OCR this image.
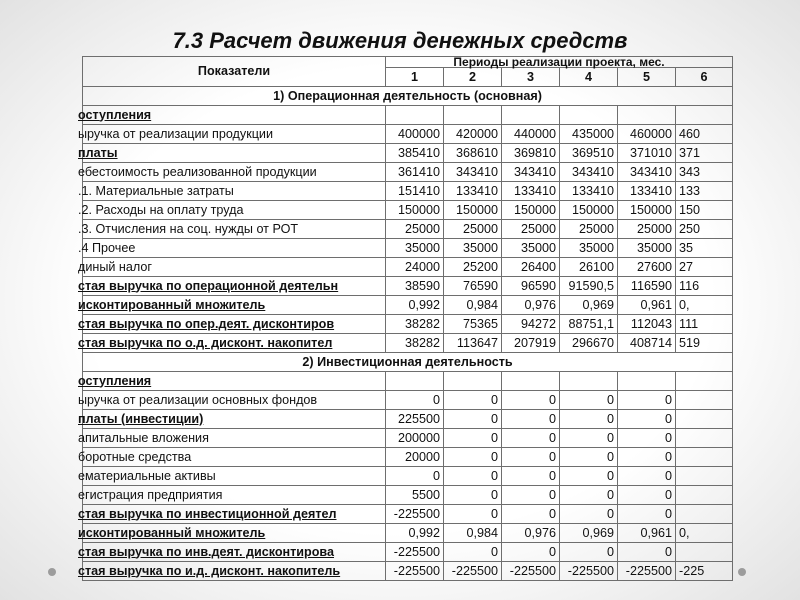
7.3 Расчет движения денежных средств
Показатели	Периоды реализации проекта, мес.					
	1	2	3	4	5	6
1) Операционная деятельность (основная)						
оступления						
ыручка от реализации продукции	400000	420000	440000	435000	460000	460
платы	385410	368610	369810	369510	371010	371
ебестоимость реализованной продукции	361410	343410	343410	343410	343410	343
.1. Материальные затраты	151410	133410	133410	133410	133410	133
.2. Расходы на оплату труда	150000	150000	150000	150000	150000	150
.3. Отчисления на соц. нужды от РОТ	25000	25000	25000	25000	25000	250
.4 Прочее	35000	35000	35000	35000	35000	35
диный налог	24000	25200	26400	26100	27600	27
стая выручка по операционной деятельн	38590	76590	96590	91590,5	116590	116
исконтированный множитель	0,992	0,984	0,976	0,969	0,961	0,
стая выручка по опер.деят. дисконтиров	38282	75365	94272	88751,1	112043	111
стая выручка по о.д. дисконт. накопител	38282	113647	207919	296670	408714	519
2) Инвестиционная деятельность						
оступления						
ыручка от реализации основных фондов	0	0	0	0	0	
платы (инвестиции)	225500	0	0	0	0	
апитальные вложения	200000	0	0	0	0	
боротные средства	20000	0	0	0	0	
ематериальные активы	0	0	0	0	0	
егистрация предприятия	5500	0	0	0	0	
стая выручка по инвестиционной деятел	-225500	0	0	0	0	
исконтированный множитель	0,992	0,984	0,976	0,969	0,961	0,
стая выручка по инв.деят. дисконтирова	-225500	0	0	0	0	
стая выручка по и.д. дисконт. накопитель	-225500	-225500	-225500	-225500	-225500	-225
